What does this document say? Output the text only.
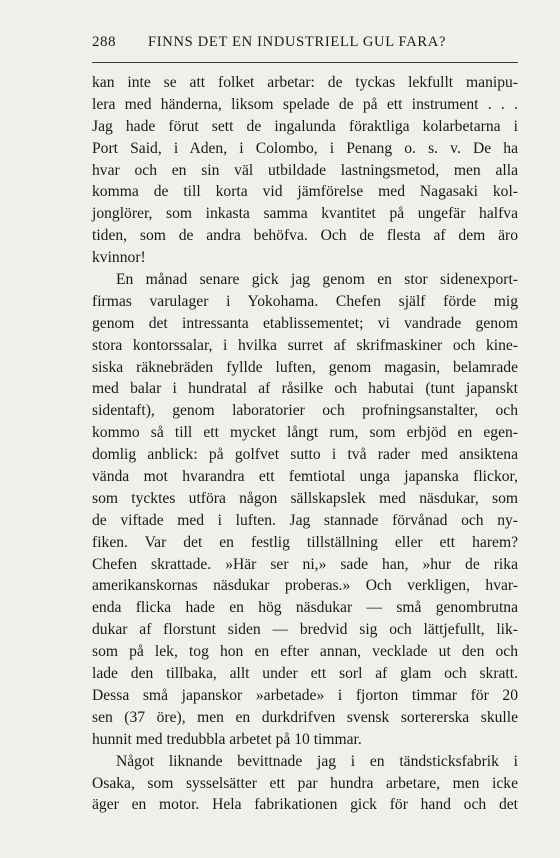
288 FINNS DET EN INDUSTRIELL GUL FARA?
kan inte se att folket arbetar: de tyckas lekfullt manipu-
lera med händerna, liksom spelade de på ett instrument . . .
Jag hade förut sett de ingalunda föraktliga kolarbetarna i
Port Said, i Aden, i Colombo, i Penang o. s. v. De ha
hvar och en sin väl utbildade lastningsmetod, men alla
komma de till korta vid jämförelse med Nagasaki kol-
jonglörer, som inkasta samma kvantitet på ungefär halfva
tiden, som de andra behöfva. Och de flesta af dem äro
kvinnor!
En månad senare gick jag genom en stor sidenexport-
firmas varulager i Yokohama. Chefen själf förde mig
genom det intressanta etablissementet; vi vandrade genom
stora kontorssalar, i hvilka surret af skrifmaskiner och kine-
siska räknebräden fyllde luften, genom magasin, belamrade
med balar i hundratal af råsilke och habutai (tunt japanskt
sidentaft), genom laboratorier och profningsanstalter, och
kommo så till ett mycket långt rum, som erbjöd en egen-
domlig anblick: på golfvet sutto i två rader med ansiktena
vända mot hvarandra ett femtiotal unga japanska flickor,
som tycktes utföra någon sällskapslek med näsdukar, som
de viftade med i luften. Jag stannade förvånad och ny-
fiken. Var det en festlig tillställning eller ett harem?
Chefen skrattade. »Här ser ni,» sade han, »hur de rika
amerikanskornas näsdukar proberas.» Och verkligen, hvar-
enda flicka hade en hög näsdukar — små genombrutna
dukar af florstunt siden — bredvid sig och lättjefullt, lik-
som på lek, tog hon en efter annan, vecklade ut den och
lade den tillbaka, allt under ett sorl af glam och skratt.
Dessa små japanskor »arbetade» i fjorton timmar för 20
sen (37 öre), men en durkdrifven svensk sortererska skulle
hunnit med tredubbla arbetet på 10 timmar.
Något liknande bevittnade jag i en tändsticksfabrik i
Osaka, som sysselsätter ett par hundra arbetare, men icke
äger en motor. Hela fabrikationen gick för hand och det
